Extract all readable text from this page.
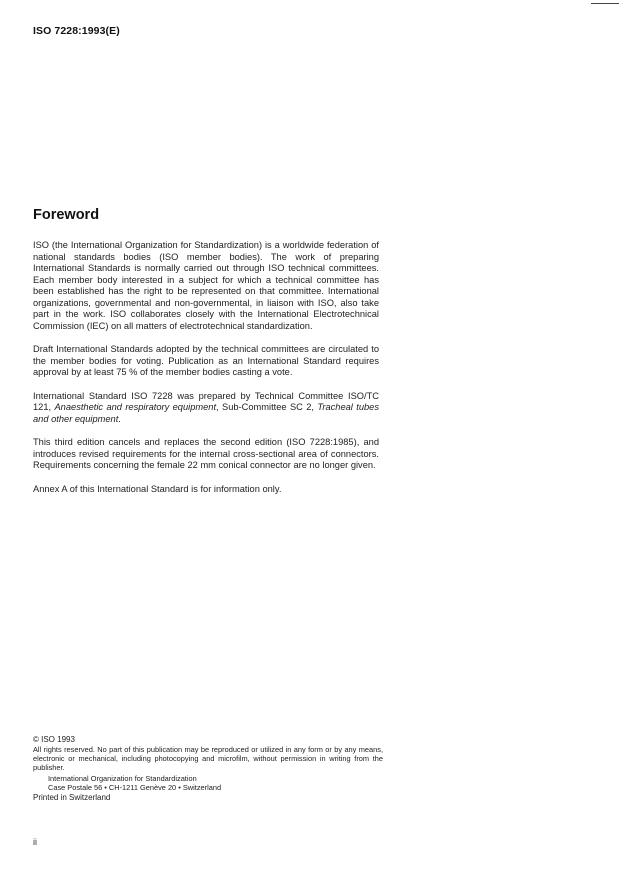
ISO 7228:1993(E)
Foreword

ISO (the International Organization for Standardization) is a worldwide federation of national standards bodies (ISO member bodies). The work of preparing International Standards is normally carried out through ISO technical committees. Each member body interested in a subject for which a technical committee has been established has the right to be represented on that committee. International organizations, governmental and non-governmental, in liaison with ISO, also take part in the work. ISO collaborates closely with the International Electrotechnical Commission (IEC) on all matters of electrotechnical standardization.

Draft International Standards adopted by the technical committees are circulated to the member bodies for voting. Publication as an International Standard requires approval by at least 75 % of the member bodies casting a vote.

International Standard ISO 7228 was prepared by Technical Committee ISO/TC 121, Anaesthetic and respiratory equipment, Sub-Committee SC 2, Tracheal tubes and other equipment.

This third edition cancels and replaces the second edition (ISO 7228:1985), and introduces revised requirements for the internal cross-sectional area of connectors. Requirements concerning the female 22 mm conical connector are no longer given.

Annex A of this International Standard is for information only.

© ISO 1993

All rights reserved. No part of this publication may be reproduced or utilized in any form or by any means, electronic or mechanical, including photocopying and microfilm, without permission in writing from the publisher.

International Organization for Standardization
Case Postale 56 • CH-1211 Genève 20 • Switzerland
Printed in Switzerland
ii
